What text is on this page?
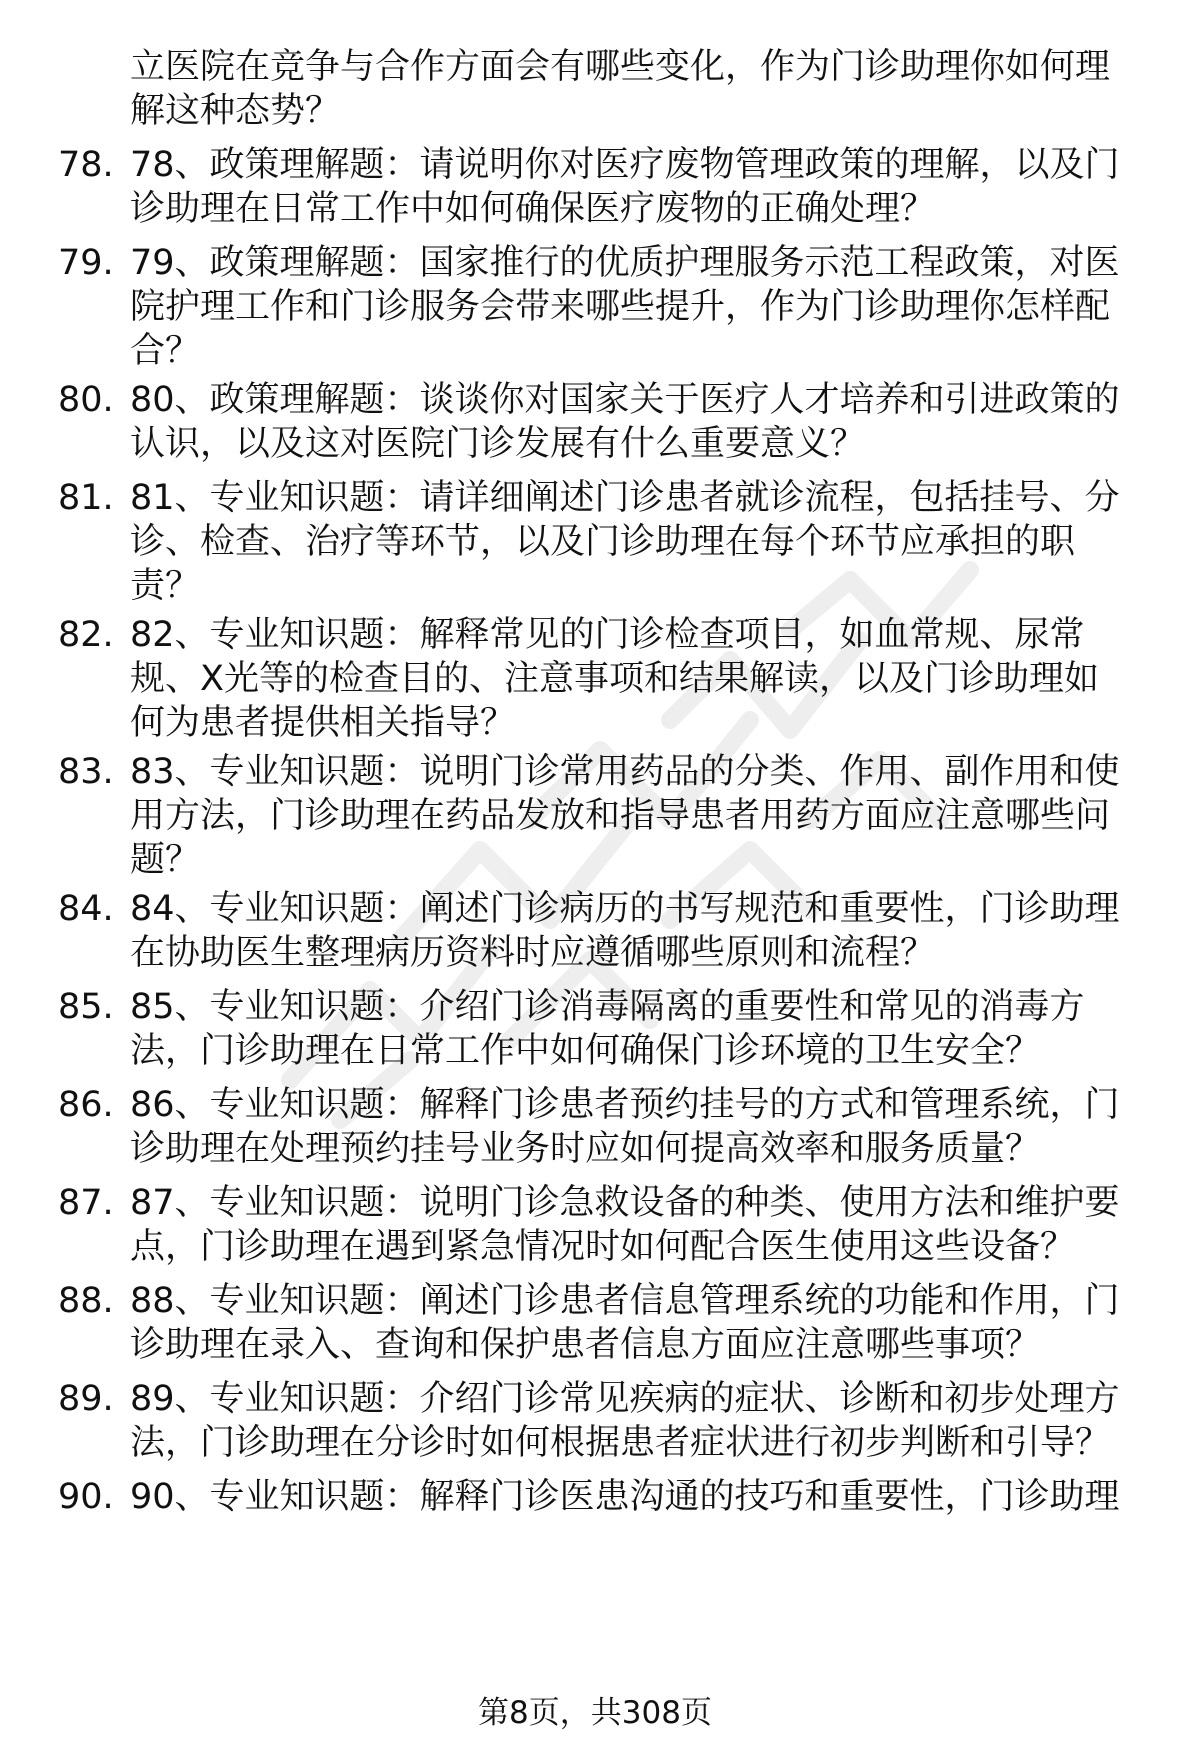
立医院在竞争与合作方面会有哪些变化，作为门诊助理你如何理
解这种态势？
78. 78、政策理解题：请说明你对医疗废物管理政策的理解，以及门
诊助理在日常工作中如何确保医疗废物的正确处理？
79. 79、政策理解题：国家推行的优质护理服务示范工程政策，对医
院护理工作和门诊服务会带来哪些提升，作为门诊助理你怎样配
合？
80. 80、政策理解题：谈谈你对国家关于医疗人才培养和引进政策的
认识，以及这对医院门诊发展有什么重要意义？
81. 81、专业知识题：请详细阐述门诊患者就诊流程，包括挂号、分
诊、检查、治疗等环节，以及门诊助理在每个环节应承担的职
责？
82. 82、专业知识题：解释常见的门诊检查项目，如血常规、尿常
规、X光等的检查目的、注意事项和结果解读，以及门诊助理如
何为患者提供相关指导？
83. 83、专业知识题：说明门诊常用药品的分类、作用、副作用和使
用方法，门诊助理在药品发放和指导患者用药方面应注意哪些问
题？
84. 84、专业知识题：阐述门诊病历的书写规范和重要性，门诊助理
在协助医生整理病历资料时应遵循哪些原则和流程？
85. 85、专业知识题：介绍门诊消毒隔离的重要性和常见的消毒方
法，门诊助理在日常工作中如何确保门诊环境的卫生安全？
86. 86、专业知识题：解释门诊患者预约挂号的方式和管理系统，门
诊助理在处理预约挂号业务时应如何提高效率和服务质量？
87. 87、专业知识题：说明门诊急救设备的种类、使用方法和维护要
点，门诊助理在遇到紧急情况时如何配合医生使用这些设备？
88. 88、专业知识题：阐述门诊患者信息管理系统的功能和作用，门
诊助理在录入、查询和保护患者信息方面应注意哪些事项？
89. 89、专业知识题：介绍门诊常见疾病的症状、诊断和初步处理方
法，门诊助理在分诊时如何根据患者症状进行初步判断和引导？
90. 90、专业知识题：解释门诊医患沟通的技巧和重要性，门诊助理
第8页，共308页
